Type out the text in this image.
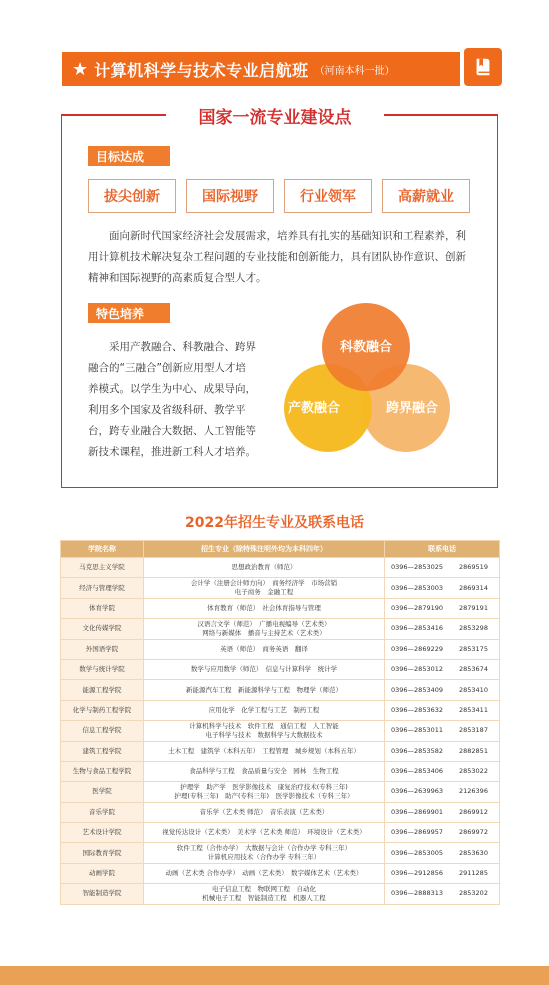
★ 计算机科学与技术专业启航班 （河南本科一批）
国家一流专业建设点
目标达成
拔尖创新	国际视野	行业领军	高薪就业
面向新时代国家经济社会发展需求，培养具有扎实的基础知识和工程素养，利用计算机技术解决复杂工程问题的专业技能和创新能力，具有团队协作意识、创新精神和国际视野的高素质复合型人才。
特色培养
采用产教融合、科教融合、跨界融合的“三融合”创新应用型人才培养模式。以学生为中心、成果导向，利用多个国家及省级科研、教学平台，跨专业融合大数据、人工智能等新技术课程，推进新工科人才培养。
科教融合
产教融合	跨界融合
2022年招生专业及联系电话
学院名称	招生专业（除特殊注明外均为本科四年）	联系电话
马克思主义学院	思想政治教育（师范）	0396—2853025 2869519
经济与管理学院	会计学（注册会计师方向）　商务经济学　市场营销
电子商务　金融工程	0396—2853003 2869314
体育学院	体育教育（师范）　社会体育指导与管理	0396—2879190 2879191
文化传媒学院	汉语言文学（师范）　广播电视编导（艺术类）
网络与新媒体　播音与主持艺术（艺术类）	0396—2853416 2853298
外国语学院	英语（师范）　商务英语　翻译	0396—2869229 2853175
数学与统计学院	数学与应用数学（师范）　信息与计算科学　统计学	0396—2853012 2853674
能源工程学院	新能源汽车工程　新能源科学与工程　物理学（师范）	0396—2853409 2853410
化学与制药工程学院	应用化学　化学工程与工艺　制药工程	0396—2853632 2853411
信息工程学院	计算机科学与技术　软件工程　通信工程　人工智能
电子科学与技术　数据科学与大数据技术	0396—2853011 2853187
建筑工程学院	土木工程　建筑学（本科五年）　工程管理　城乡规划（本科五年）	0396—2853582 2882851
生物与食品工程学院	食品科学与工程　食品质量与安全　园林　生物工程	0396—2853406 2853022
医学院	护理学　助产学　医学影像技术　康复治疗技术(专科三年)
护理(专科三年)　助产(专科三年)　医学影像技术（专科三年）	0396—2639963 2126396
音乐学院	音乐学（艺术类 师范）　音乐表演（艺术类）	0396—2869901 2869912
艺术设计学院	视觉传达设计（艺术类）　美术学（艺术类 师范）　环境设计（艺术类）	0396—2869957 2869972
国际教育学院	软件工程（合作办学）　大数据与会计（合作办学 专科三年）
计算机应用技术（合作办学 专科三年）	0396—2853005 2853630
动画学院	动画（艺术类 合作办学）　动画（艺术类）　数字媒体艺术（艺术类）	0396—2912856 2911285
智能制造学院	电子信息工程　物联网工程　自动化
机械电子工程　智能制造工程　机器人工程	0396—2888313 2853202
